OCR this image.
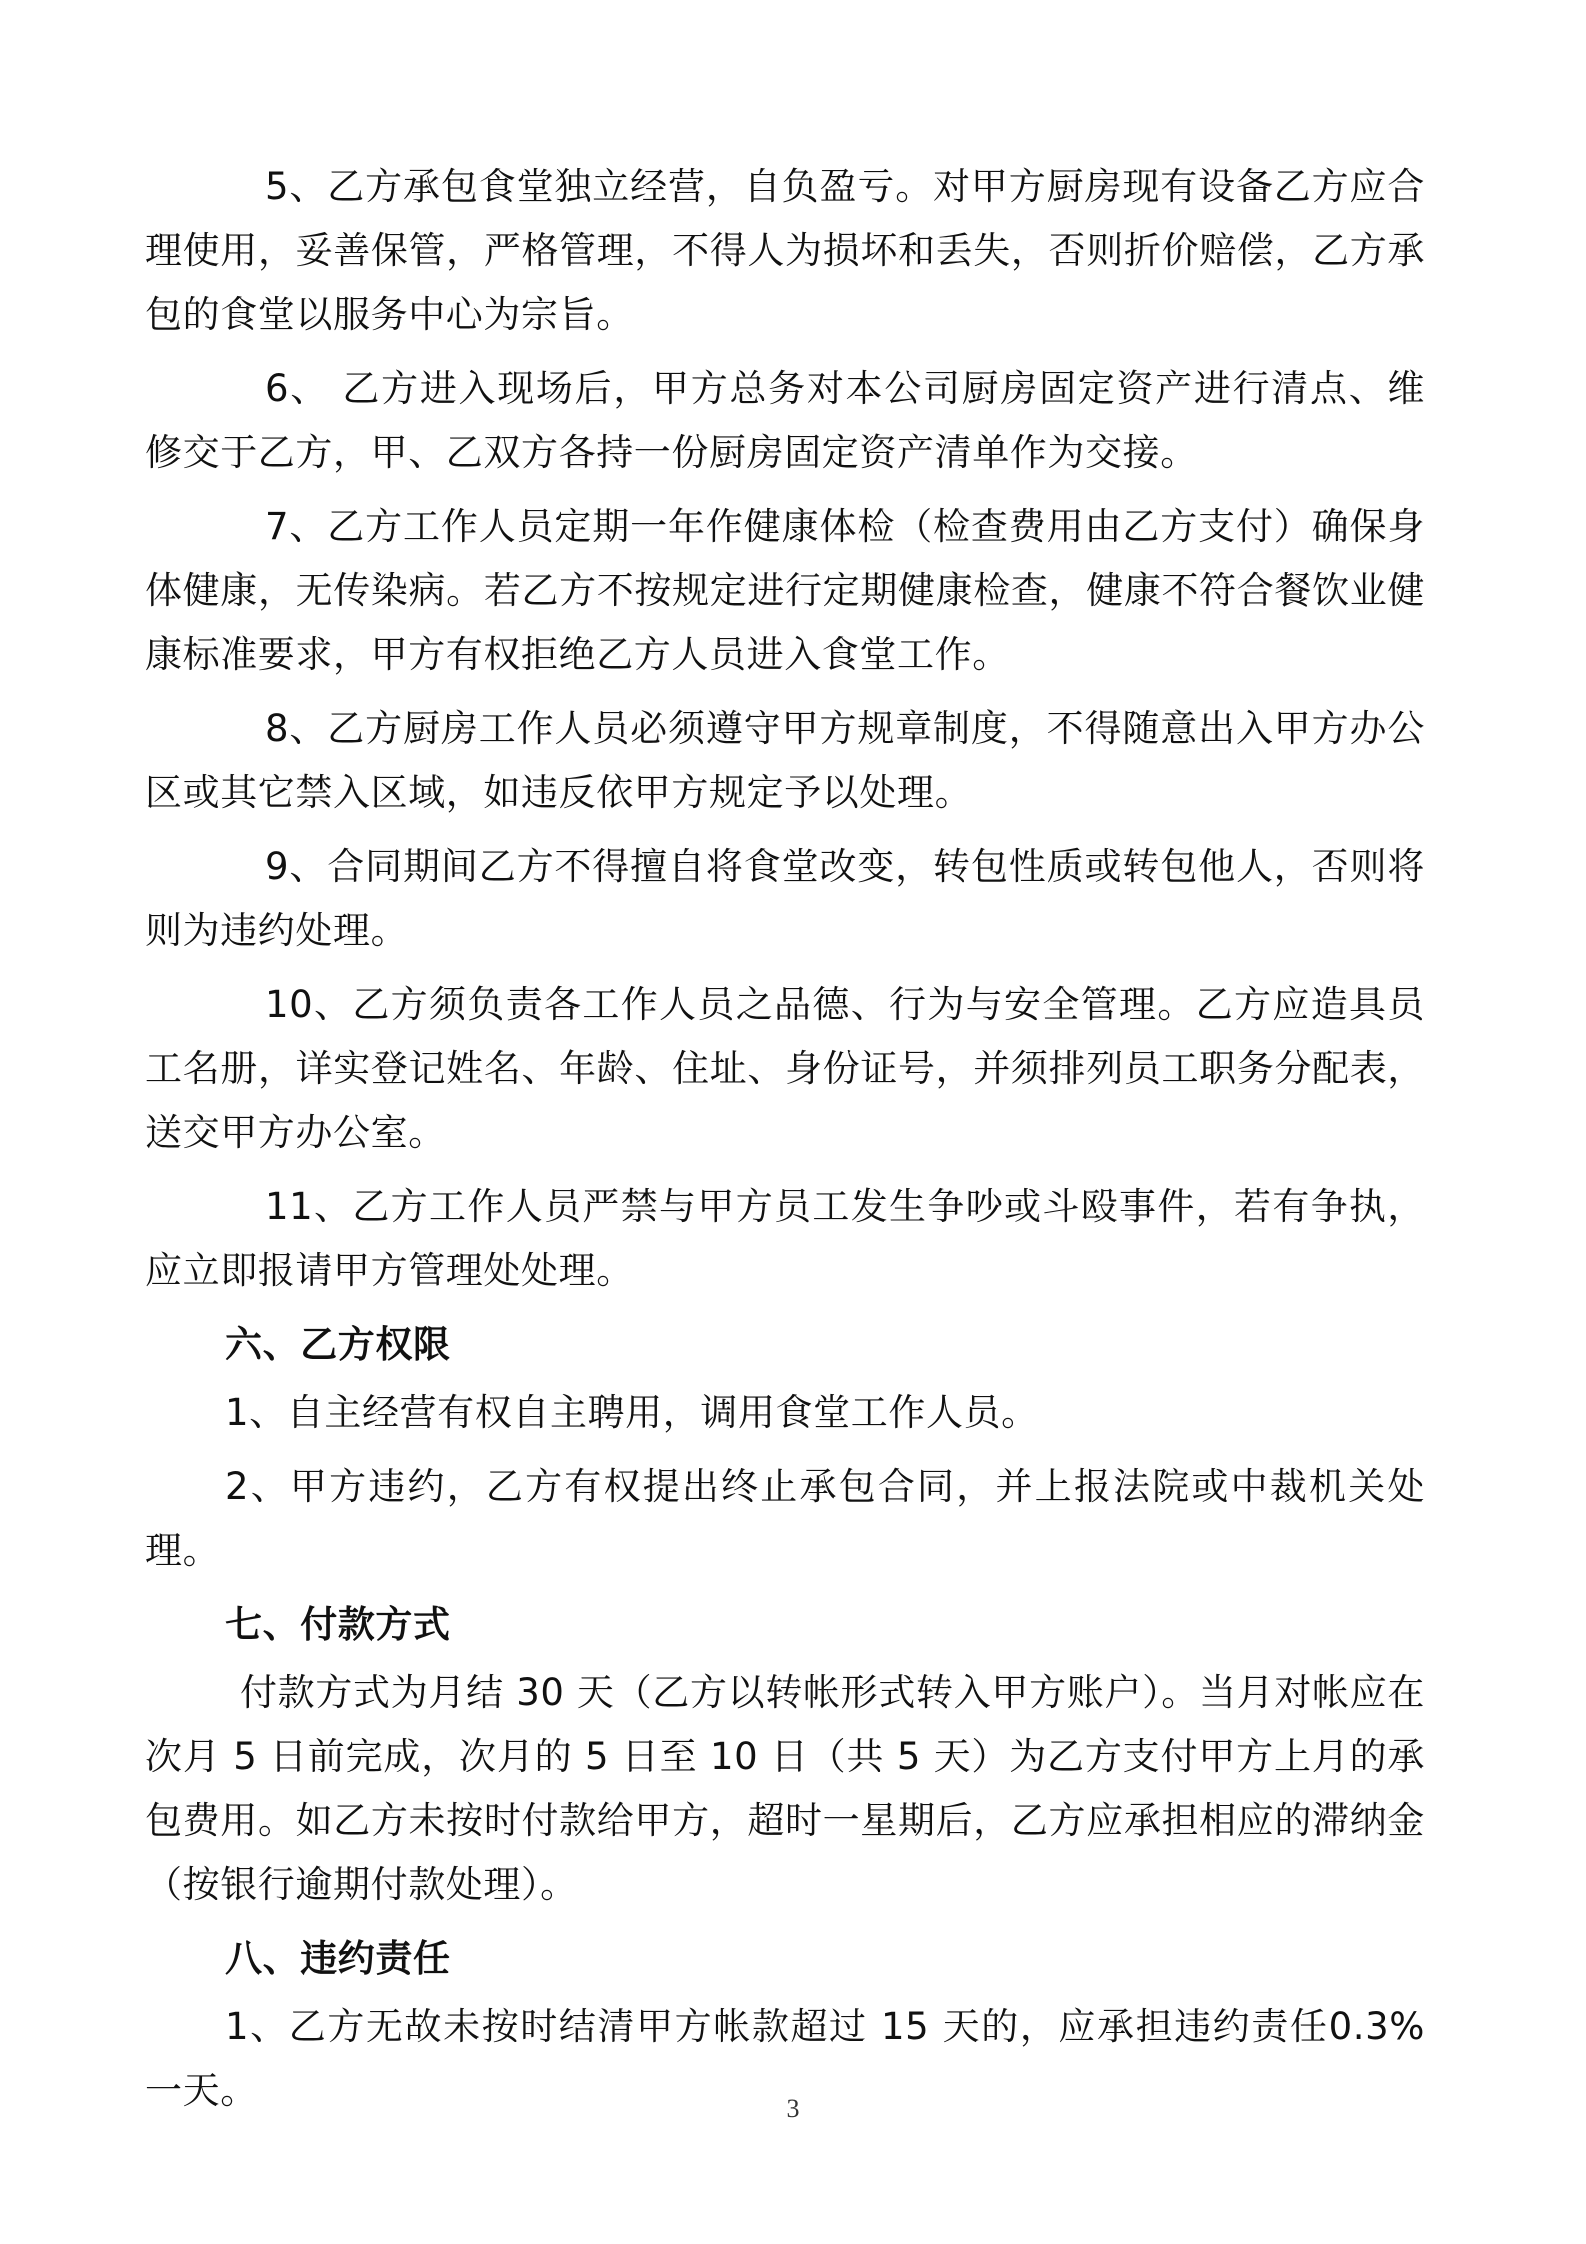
5、乙方承包食堂独立经营，自负盈亏。对甲方厨房现有设备乙方应合理使用，妥善保管，严格管理，不得人为损坏和丢失，否则折价赔偿，乙方承包的食堂以服务中心为宗旨。

6、 乙方进入现场后，甲方总务对本公司厨房固定资产进行清点、维修交于乙方，甲、乙双方各持一份厨房固定资产清单作为交接。

7、乙方工作人员定期一年作健康体检（检查费用由乙方支付）确保身体健康，无传染病。若乙方不按规定进行定期健康检查，健康不符合餐饮业健康标准要求，甲方有权拒绝乙方人员进入食堂工作。

8、乙方厨房工作人员必须遵守甲方规章制度，不得随意出入甲方办公区或其它禁入区域，如违反依甲方规定予以处理。

9、合同期间乙方不得擅自将食堂改变，转包性质或转包他人，否则将则为违约处理。

10、乙方须负责各工作人员之品德、行为与安全管理。乙方应造具员工名册，详实登记姓名、年龄、住址、身份证号，并须排列员工职务分配表，送交甲方办公室。

11、乙方工作人员严禁与甲方员工发生争吵或斗殴事件，若有争执，应立即报请甲方管理处处理。

六、乙方权限

1、自主经营有权自主聘用，调用食堂工作人员。

2、甲方违约，乙方有权提出终止承包合同，并上报法院或中裁机关处理。

七、付款方式

付款方式为月结 30 天（乙方以转帐形式转入甲方账户）。当月对帐应在次月 5 日前完成，次月的 5 日至 10 日（共 5 天）为乙方支付甲方上月的承包费用。如乙方未按时付款给甲方，超时一星期后，乙方应承担相应的滞纳金（按银行逾期付款处理）。

八、违约责任

1、乙方无故未按时结清甲方帐款超过 15 天的，应承担违约责任0.3%一天。	3
